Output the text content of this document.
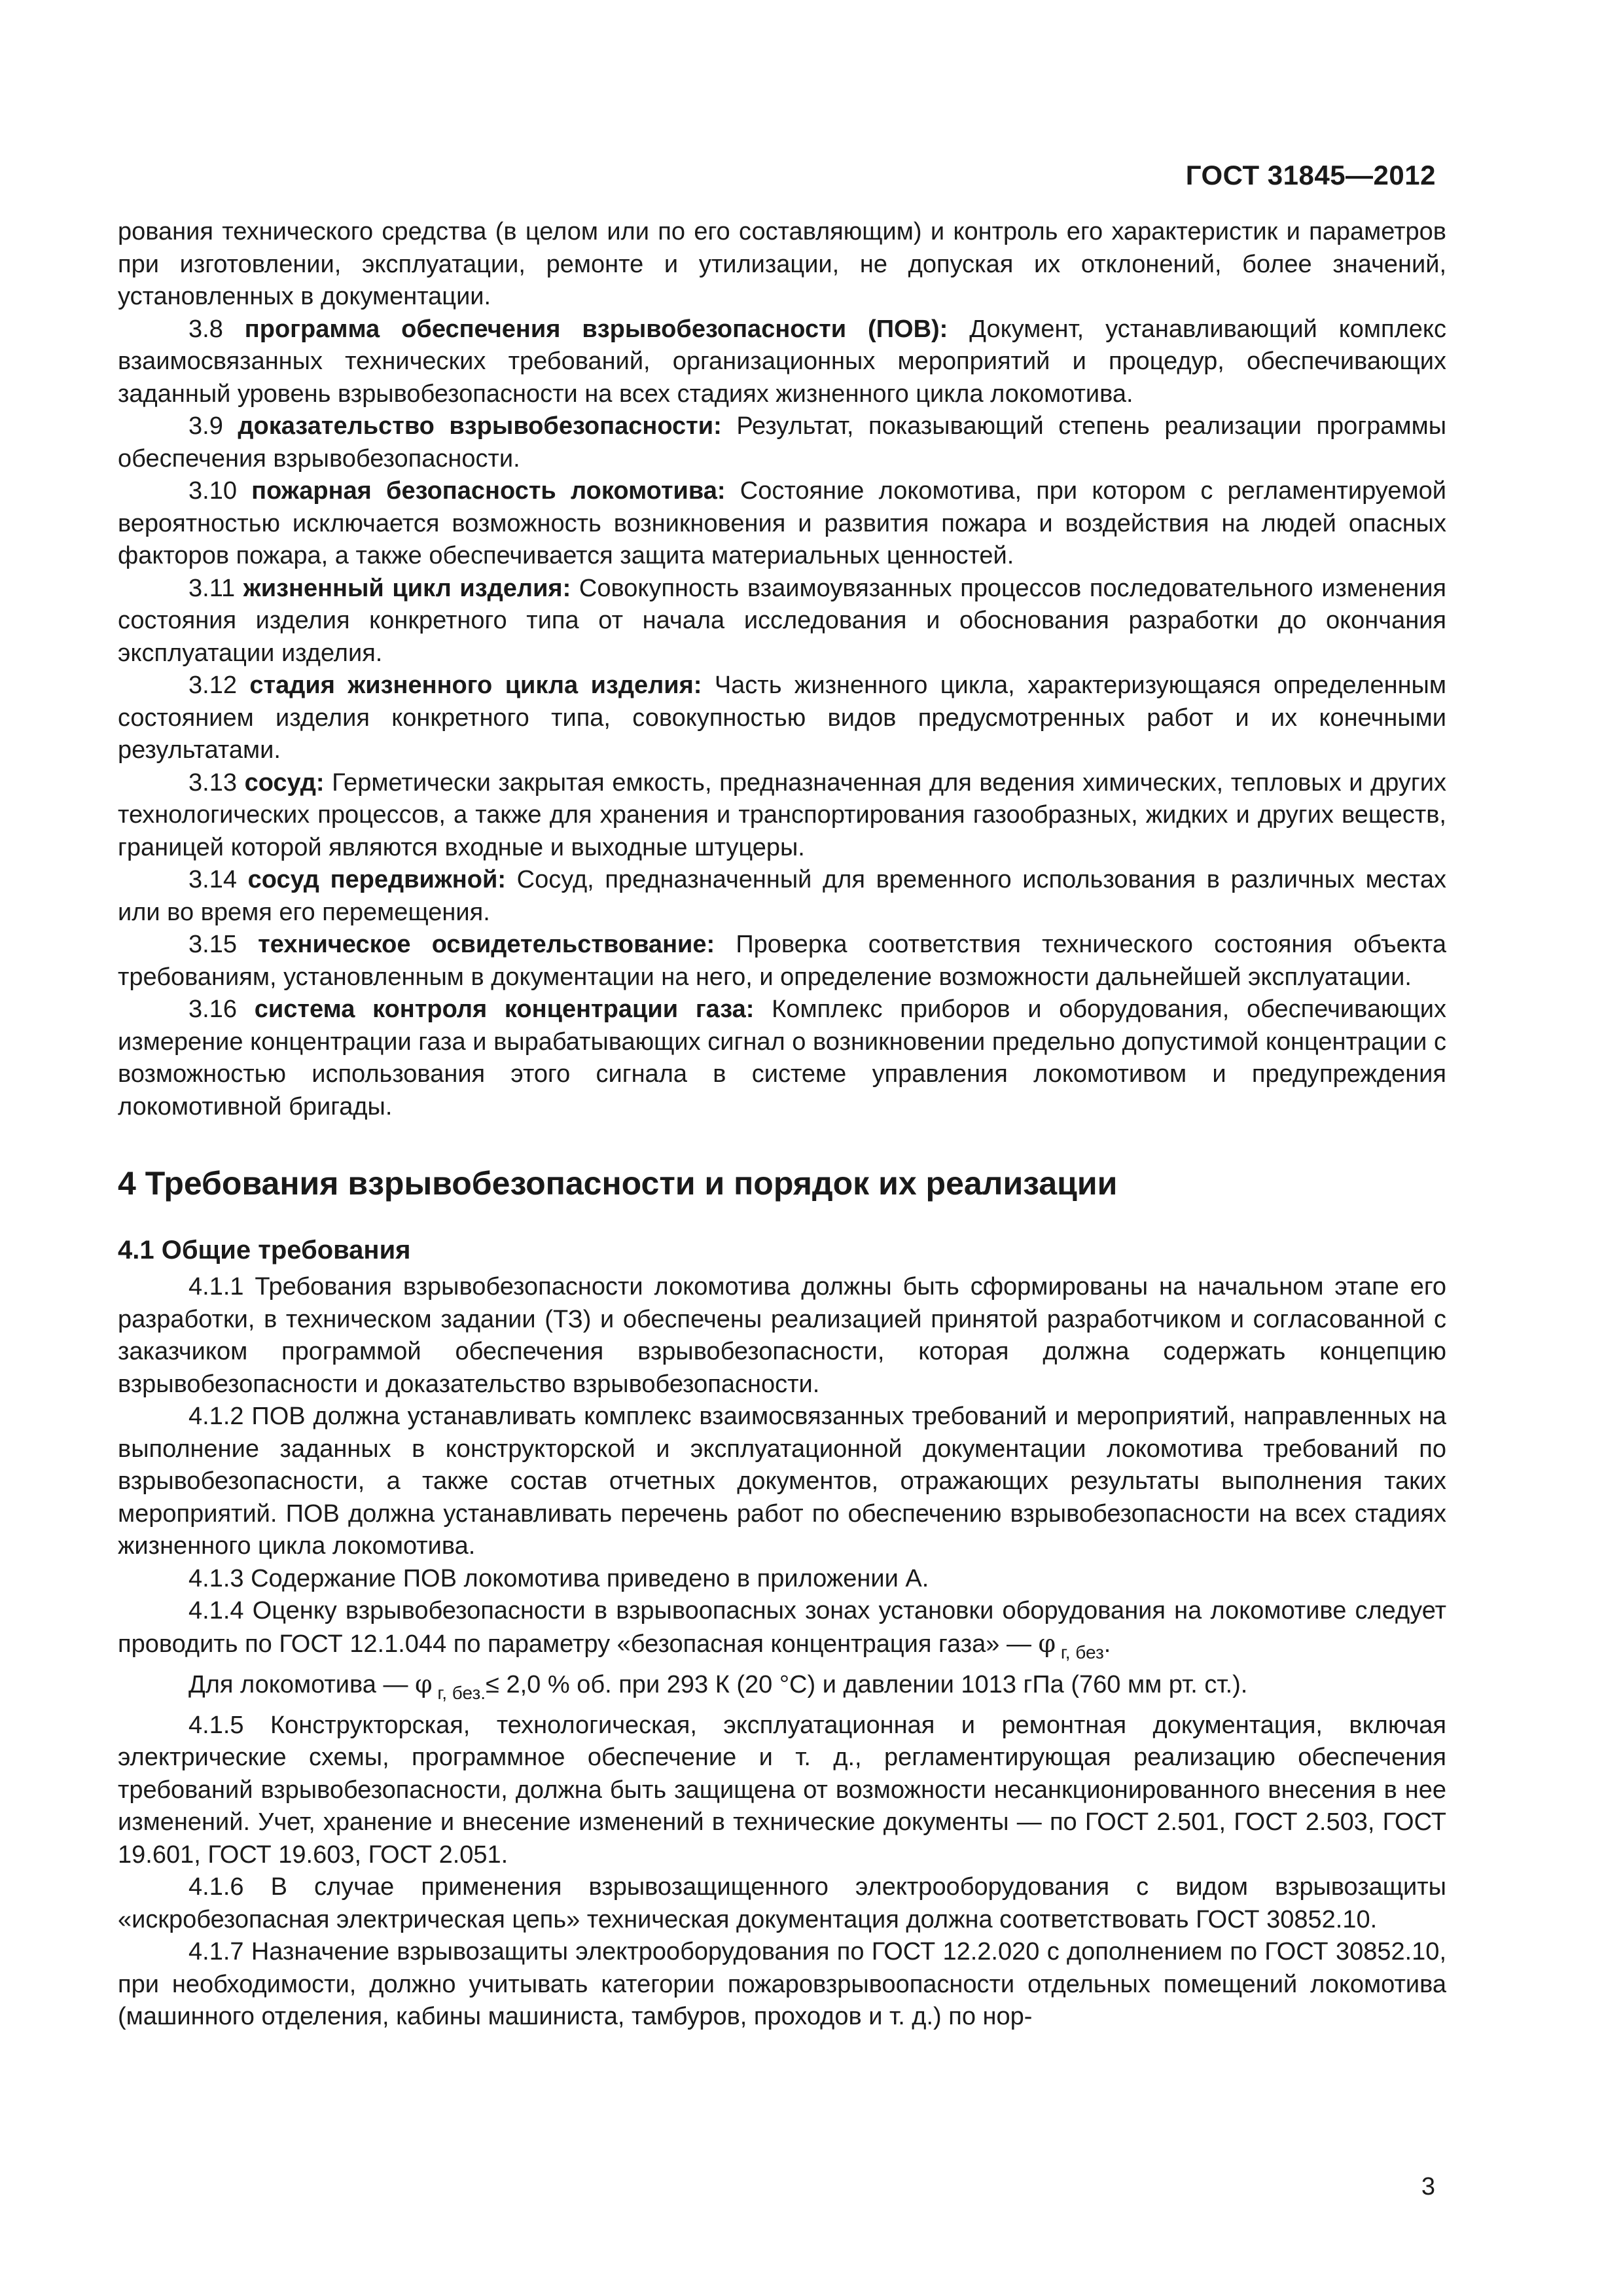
ГОСТ 31845—2012

рования технического средства (в целом или по его составляющим) и контроль его характеристик и параметров при изготовлении, эксплуатации, ремонте и утилизации, не допуская их отклонений, более значений, установленных в документации.

3.8 программа обеспечения взрывобезопасности (ПОВ): Документ, устанавливающий комплекс взаимосвязанных технических требований, организационных мероприятий и процедур, обеспечивающих заданный уровень взрывобезопасности на всех стадиях жизненного цикла локомотива.

3.9 доказательство взрывобезопасности: Результат, показывающий степень реализации программы обеспечения взрывобезопасности.

3.10 пожарная безопасность локомотива: Состояние локомотива, при котором с регламентируемой вероятностью исключается возможность возникновения и развития пожара и воздействия на людей опасных факторов пожара, а также обеспечивается защита материальных ценностей.

3.11 жизненный цикл изделия: Совокупность взаимоувязанных процессов последовательного изменения состояния изделия конкретного типа от начала исследования и обоснования разработки до окончания эксплуатации изделия.

3.12 стадия жизненного цикла изделия: Часть жизненного цикла, характеризующаяся определенным состоянием изделия конкретного типа, совокупностью видов предусмотренных работ и их конечными результатами.

3.13 сосуд: Герметически закрытая емкость, предназначенная для ведения химических, тепловых и других технологических процессов, а также для хранения и транспортирования газообразных, жидких и других веществ, границей которой являются входные и выходные штуцеры.

3.14 сосуд передвижной: Сосуд, предназначенный для временного использования в различных местах или во время его перемещения.

3.15 техническое освидетельствование: Проверка соответствия технического состояния объекта требованиям, установленным в документации на него, и определение возможности дальнейшей эксплуатации.

3.16 система контроля концентрации газа: Комплекс приборов и оборудования, обеспечивающих измерение концентрации газа и вырабатывающих сигнал о возникновении предельно допустимой концентрации с возможностью использования этого сигнала в системе управления локомотивом и предупреждения локомотивной бригады.

4 Требования взрывобезопасности и порядок их реализации
4.1 Общие требования

4.1.1 Требования взрывобезопасности локомотива должны быть сформированы на начальном этапе его разработки, в техническом задании (ТЗ) и обеспечены реализацией принятой разработчиком и согласованной с заказчиком программой обеспечения взрывобезопасности, которая должна содержать концепцию взрывобезопасности и доказательство взрывобезопасности.

4.1.2 ПОВ должна устанавливать комплекс взаимосвязанных требований и мероприятий, направленных на выполнение заданных в конструкторской и эксплуатационной документации локомотива требований по взрывобезопасности, а также состав отчетных документов, отражающих результаты выполнения таких мероприятий. ПОВ должна устанавливать перечень работ по обеспечению взрывобезопасности на всех стадиях жизненного цикла локомотива.

4.1.3 Содержание ПОВ локомотива приведено в приложении А.

4.1.4 Оценку взрывобезопасности в взрывоопасных зонах установки оборудования на локомотиве следует проводить по ГОСТ 12.1.044 по параметру «безопасная концентрация газа» — φ $_{г, без}$.

Для локомотива — φ $_{г, без.}$≤ 2,0 % об. при 293 К (20 °С) и давлении 1013 гПа (760 мм рт. ст.).

4.1.5 Конструкторская, технологическая, эксплуатационная и ремонтная документация, включая электрические схемы, программное обеспечение и т. д., регламентирующая реализацию обеспечения требований взрывобезопасности, должна быть защищена от возможности несанкционированного внесения в нее изменений. Учет, хранение и внесение изменений в технические документы — по ГОСТ 2.501, ГОСТ 2.503, ГОСТ 19.601, ГОСТ 19.603, ГОСТ 2.051.

4.1.6 В случае применения взрывозащищенного электрооборудования с видом взрывозащиты «искробезопасная электрическая цепь» техническая документация должна соответствовать ГОСТ 30852.10.

4.1.7 Назначение взрывозащиты электрооборудования по ГОСТ 12.2.020 с дополнением по ГОСТ 30852.10, при необходимости, должно учитывать категории пожаровзрывоопасности отдельных помещений локомотива (машинного отделения, кабины машиниста, тамбуров, проходов и т. д.) по нор-

3
